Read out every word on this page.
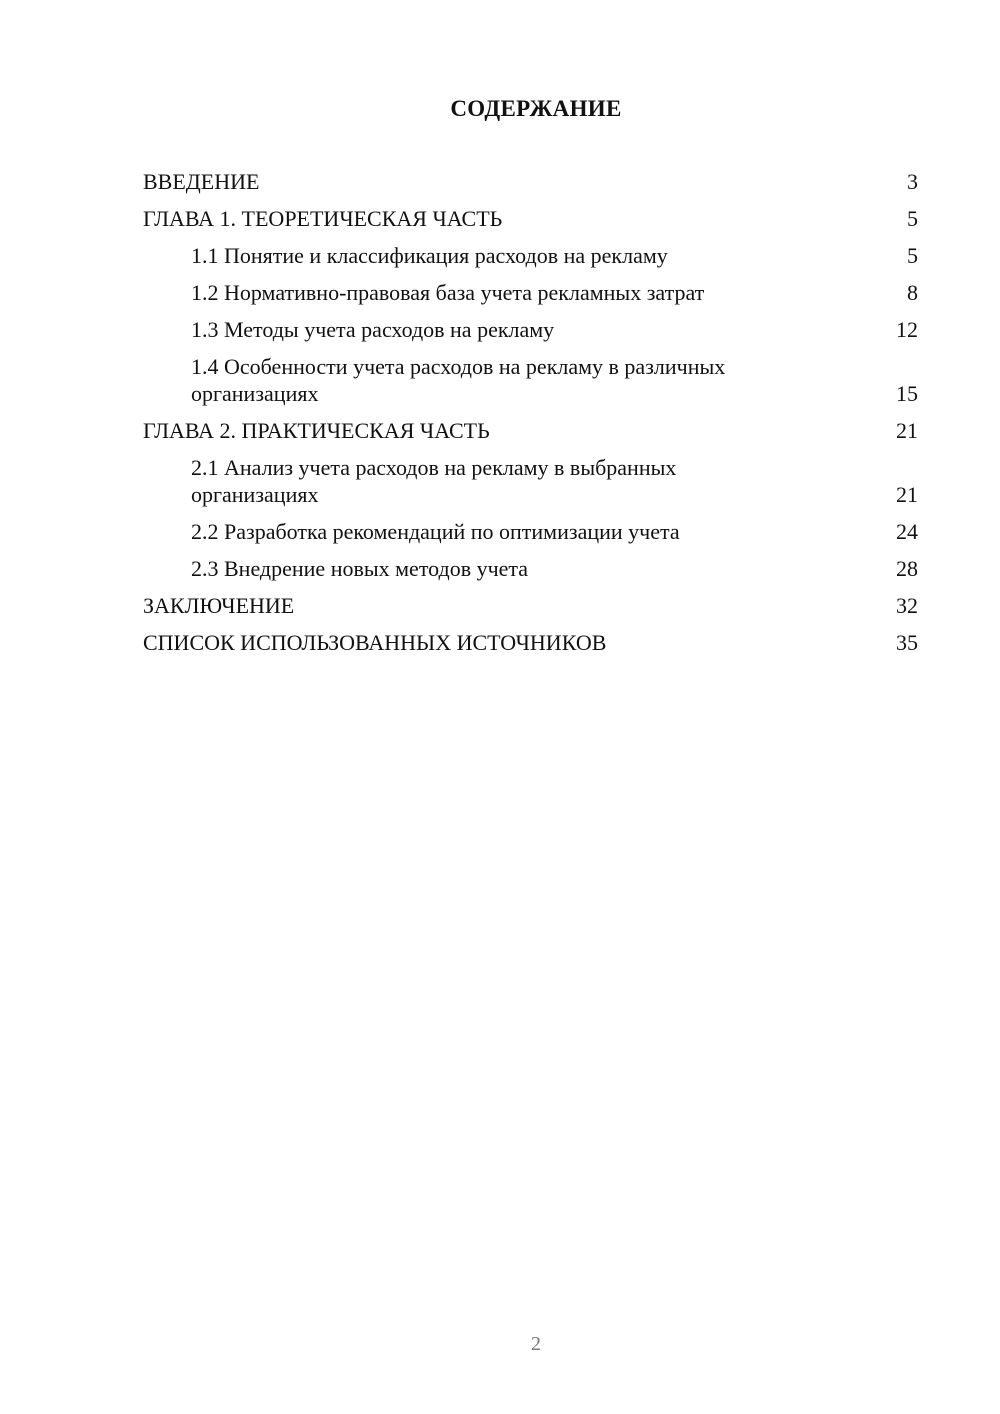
СОДЕРЖАНИЕ
ВВЕДЕНИЕ	3
ГЛАВА 1. ТЕОРЕТИЧЕСКАЯ ЧАСТЬ	5
1.1 Понятие и классификация расходов на рекламу	5
1.2 Нормативно-правовая база учета рекламных затрат	8
1.3 Методы учета расходов на рекламу	12
1.4 Особенности учета расходов на рекламу в различных организациях	15
ГЛАВА 2. ПРАКТИЧЕСКАЯ ЧАСТЬ	21
2.1 Анализ учета расходов на рекламу в выбранных организациях	21
2.2 Разработка рекомендаций по оптимизации учета	24
2.3 Внедрение новых методов учета	28
ЗАКЛЮЧЕНИЕ	32
СПИСОК ИСПОЛЬЗОВАННЫХ ИСТОЧНИКОВ	35
2
